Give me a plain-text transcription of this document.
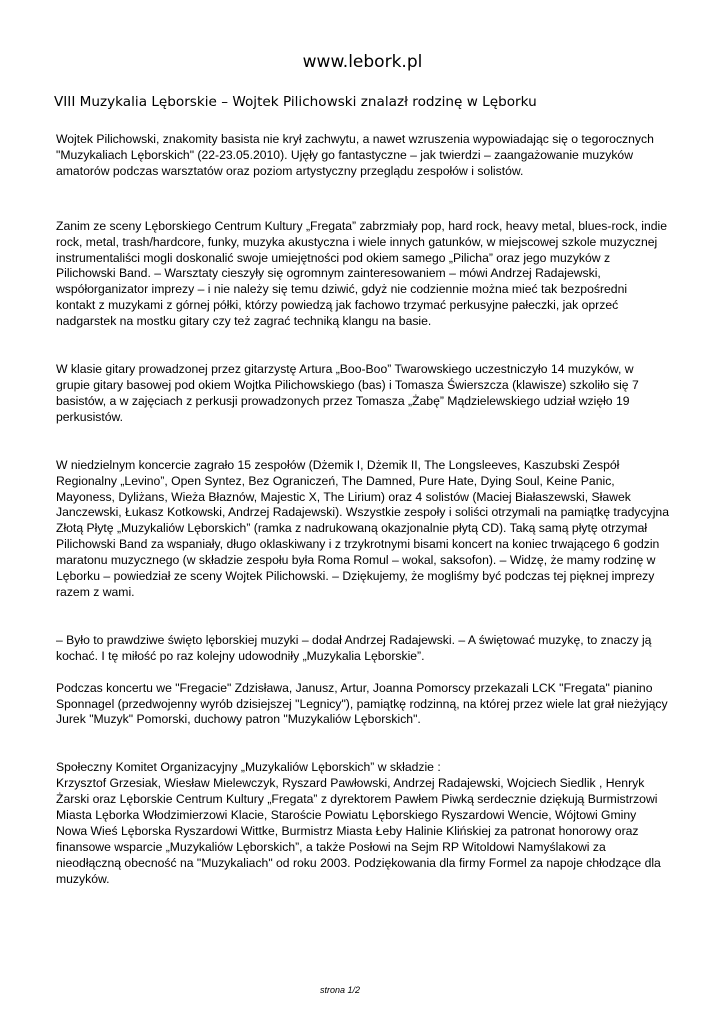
www.lebork.pl
VIII Muzykalia Lęborskie – Wojtek Pilichowski znalazł rodzinę w Lęborku

Wojtek Pilichowski, znakomity basista nie krył zachwytu, a nawet wzruszenia wypowiadając się o tegorocznych
"Muzykaliach Lęborskich" (22-23.05.2010). Ujęły go fantastyczne – jak twierdzi – zaangażowanie muzyków
amatorów podczas warsztatów oraz poziom artystyczny przeglądu zespołów i solistów.

Zanim ze sceny Lęborskiego Centrum Kultury „Fregata” zabrzmiały pop, hard rock, heavy metal, blues-rock, indie
rock, metal, trash/hardcore, funky, muzyka akustyczna i wiele innych gatunków, w miejscowej szkole muzycznej
instrumentaliści mogli doskonalić swoje umiejętności pod okiem samego „Pilicha” oraz jego muzyków z
Pilichowski Band. – Warsztaty cieszyły się ogromnym zainteresowaniem – mówi Andrzej Radajewski,
współorganizator imprezy – i nie należy się temu dziwić, gdyż nie codziennie można mieć tak bezpośredni
kontakt z muzykami z górnej półki, którzy powiedzą jak fachowo trzymać perkusyjne pałeczki, jak oprzeć
nadgarstek na mostku gitary czy też zagrać techniką klangu na basie.

W klasie gitary prowadzonej przez gitarzystę Artura „Boo-Boo” Twarowskiego uczestniczyło 14 muzyków, w
grupie gitary basowej pod okiem Wojtka Pilichowskiego (bas) i Tomasza Świerszcza (klawisze) szkoliło się 7
basistów, a w zajęciach z perkusji prowadzonych przez Tomasza „Żabę” Mądzielewskiego udział wzięło 19
perkusistów.

W niedzielnym koncercie zagrało 15 zespołów (Dżemik I, Dżemik II, The Longsleeves, Kaszubski Zespół
Regionalny „Levino”, Open Syntez, Bez Ograniczeń, The Damned, Pure Hate, Dying Soul, Keine Panic,
Mayoness, Dyliżans, Wieża Błaznów, Majestic X, The Lirium) oraz 4 solistów (Maciej Białaszewski, Sławek
Janczewski, Łukasz Kotkowski, Andrzej Radajewski). Wszystkie zespoły i soliści otrzymali na pamiątkę tradycyjna
Złotą Płytę „Muzykaliów Lęborskich” (ramka z nadrukowaną okazjonalnie płytą CD). Taką samą płytę otrzymał
Pilichowski Band za wspaniały, długo oklaskiwany i z trzykrotnymi bisami koncert na koniec trwającego 6 godzin
maratonu muzycznego (w składzie zespołu była Roma Romul – wokal, saksofon). – Widzę, że mamy rodzinę w
Lęborku – powiedział ze sceny Wojtek Pilichowski. – Dziękujemy, że mogliśmy być podczas tej pięknej imprezy
razem z wami.

– Było to prawdziwe święto lęborskiej muzyki – dodał Andrzej Radajewski. – A świętować muzykę, to znaczy ją
kochać. I tę miłość po raz kolejny udowodniły „Muzykalia Lęborskie”.

Podczas koncertu we "Fregacie" Zdzisława, Janusz, Artur, Joanna Pomorscy przekazali LCK "Fregata" pianino
Sponnagel (przedwojenny wyrób dzisiejszej "Legnicy"), pamiątkę rodzinną, na której przez wiele lat grał nieżyjący
Jurek "Muzyk" Pomorski, duchowy patron "Muzykaliów Lęborskich".

Społeczny Komitet Organizacyjny „Muzykaliów Lęborskich” w składzie :
Krzysztof Grzesiak, Wiesław Mielewczyk, Ryszard Pawłowski, Andrzej Radajewski, Wojciech Siedlik , Henryk
Żarski oraz Lęborskie Centrum Kultury „Fregata” z dyrektorem Pawłem Piwką serdecznie dziękują Burmistrzowi
Miasta Lęborka Włodzimierzowi Klacie, Staroście Powiatu Lęborskiego Ryszardowi Wencie, Wójtowi Gminy
Nowa Wieś Lęborska Ryszardowi Wittke, Burmistrz Miasta Łeby Halinie Klińskiej za patronat honorowy oraz
finansowe wsparcie „Muzykaliów Lęborskich”, a także Posłowi na Sejm RP Witoldowi Namyślakowi za
nieodłączną obecność na "Muzykaliach" od roku 2003. Podziękowania dla firmy Formel za napoje chłodzące dla
muzyków.

strona 1/2
